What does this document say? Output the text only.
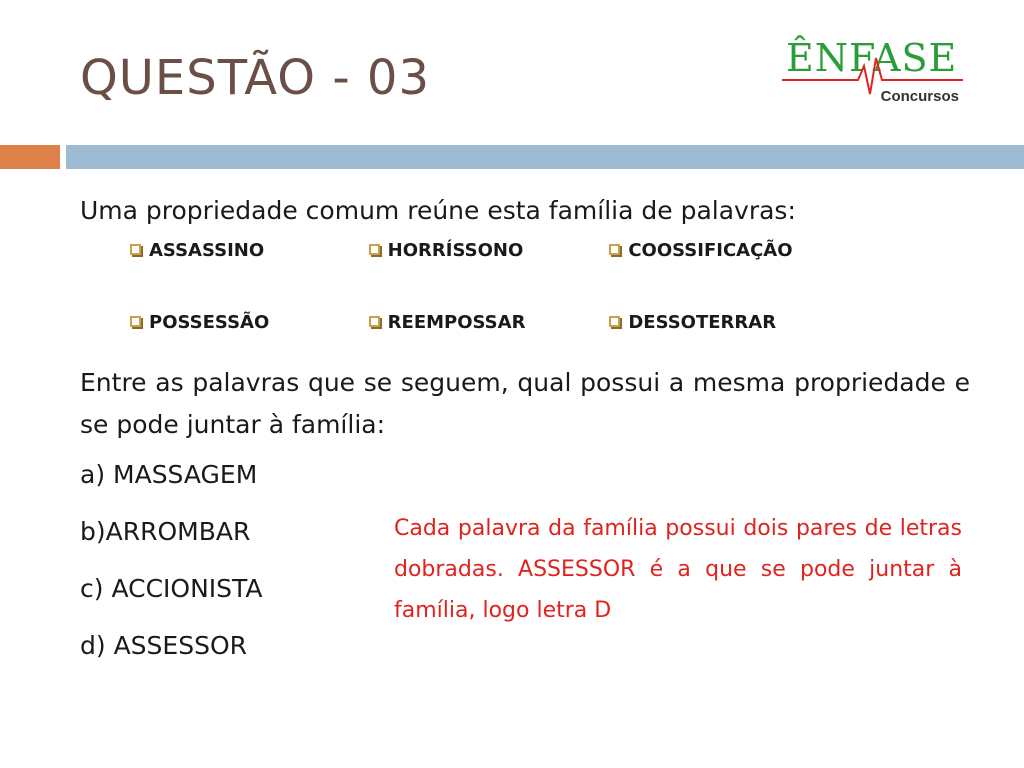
QUESTÃO - 03	ÊNFASE
Concursos
Uma propriedade comum reúne esta família de palavras:
ASSASSINO	HORRÍSSONO	COOSSIFICAÇÃO
POSSESSÃO	REEMPOSSAR	DESSOTERRAR
Entre as palavras que se seguem, qual possui a mesma propriedade e se pode juntar à família:
a) MASSAGEM
b)ARROMBAR
c) ACCIONISTA
d) ASSESSOR
Cada palavra da família possui dois pares de letras dobradas. ASSESSOR é a que se pode juntar à família, logo letra D
